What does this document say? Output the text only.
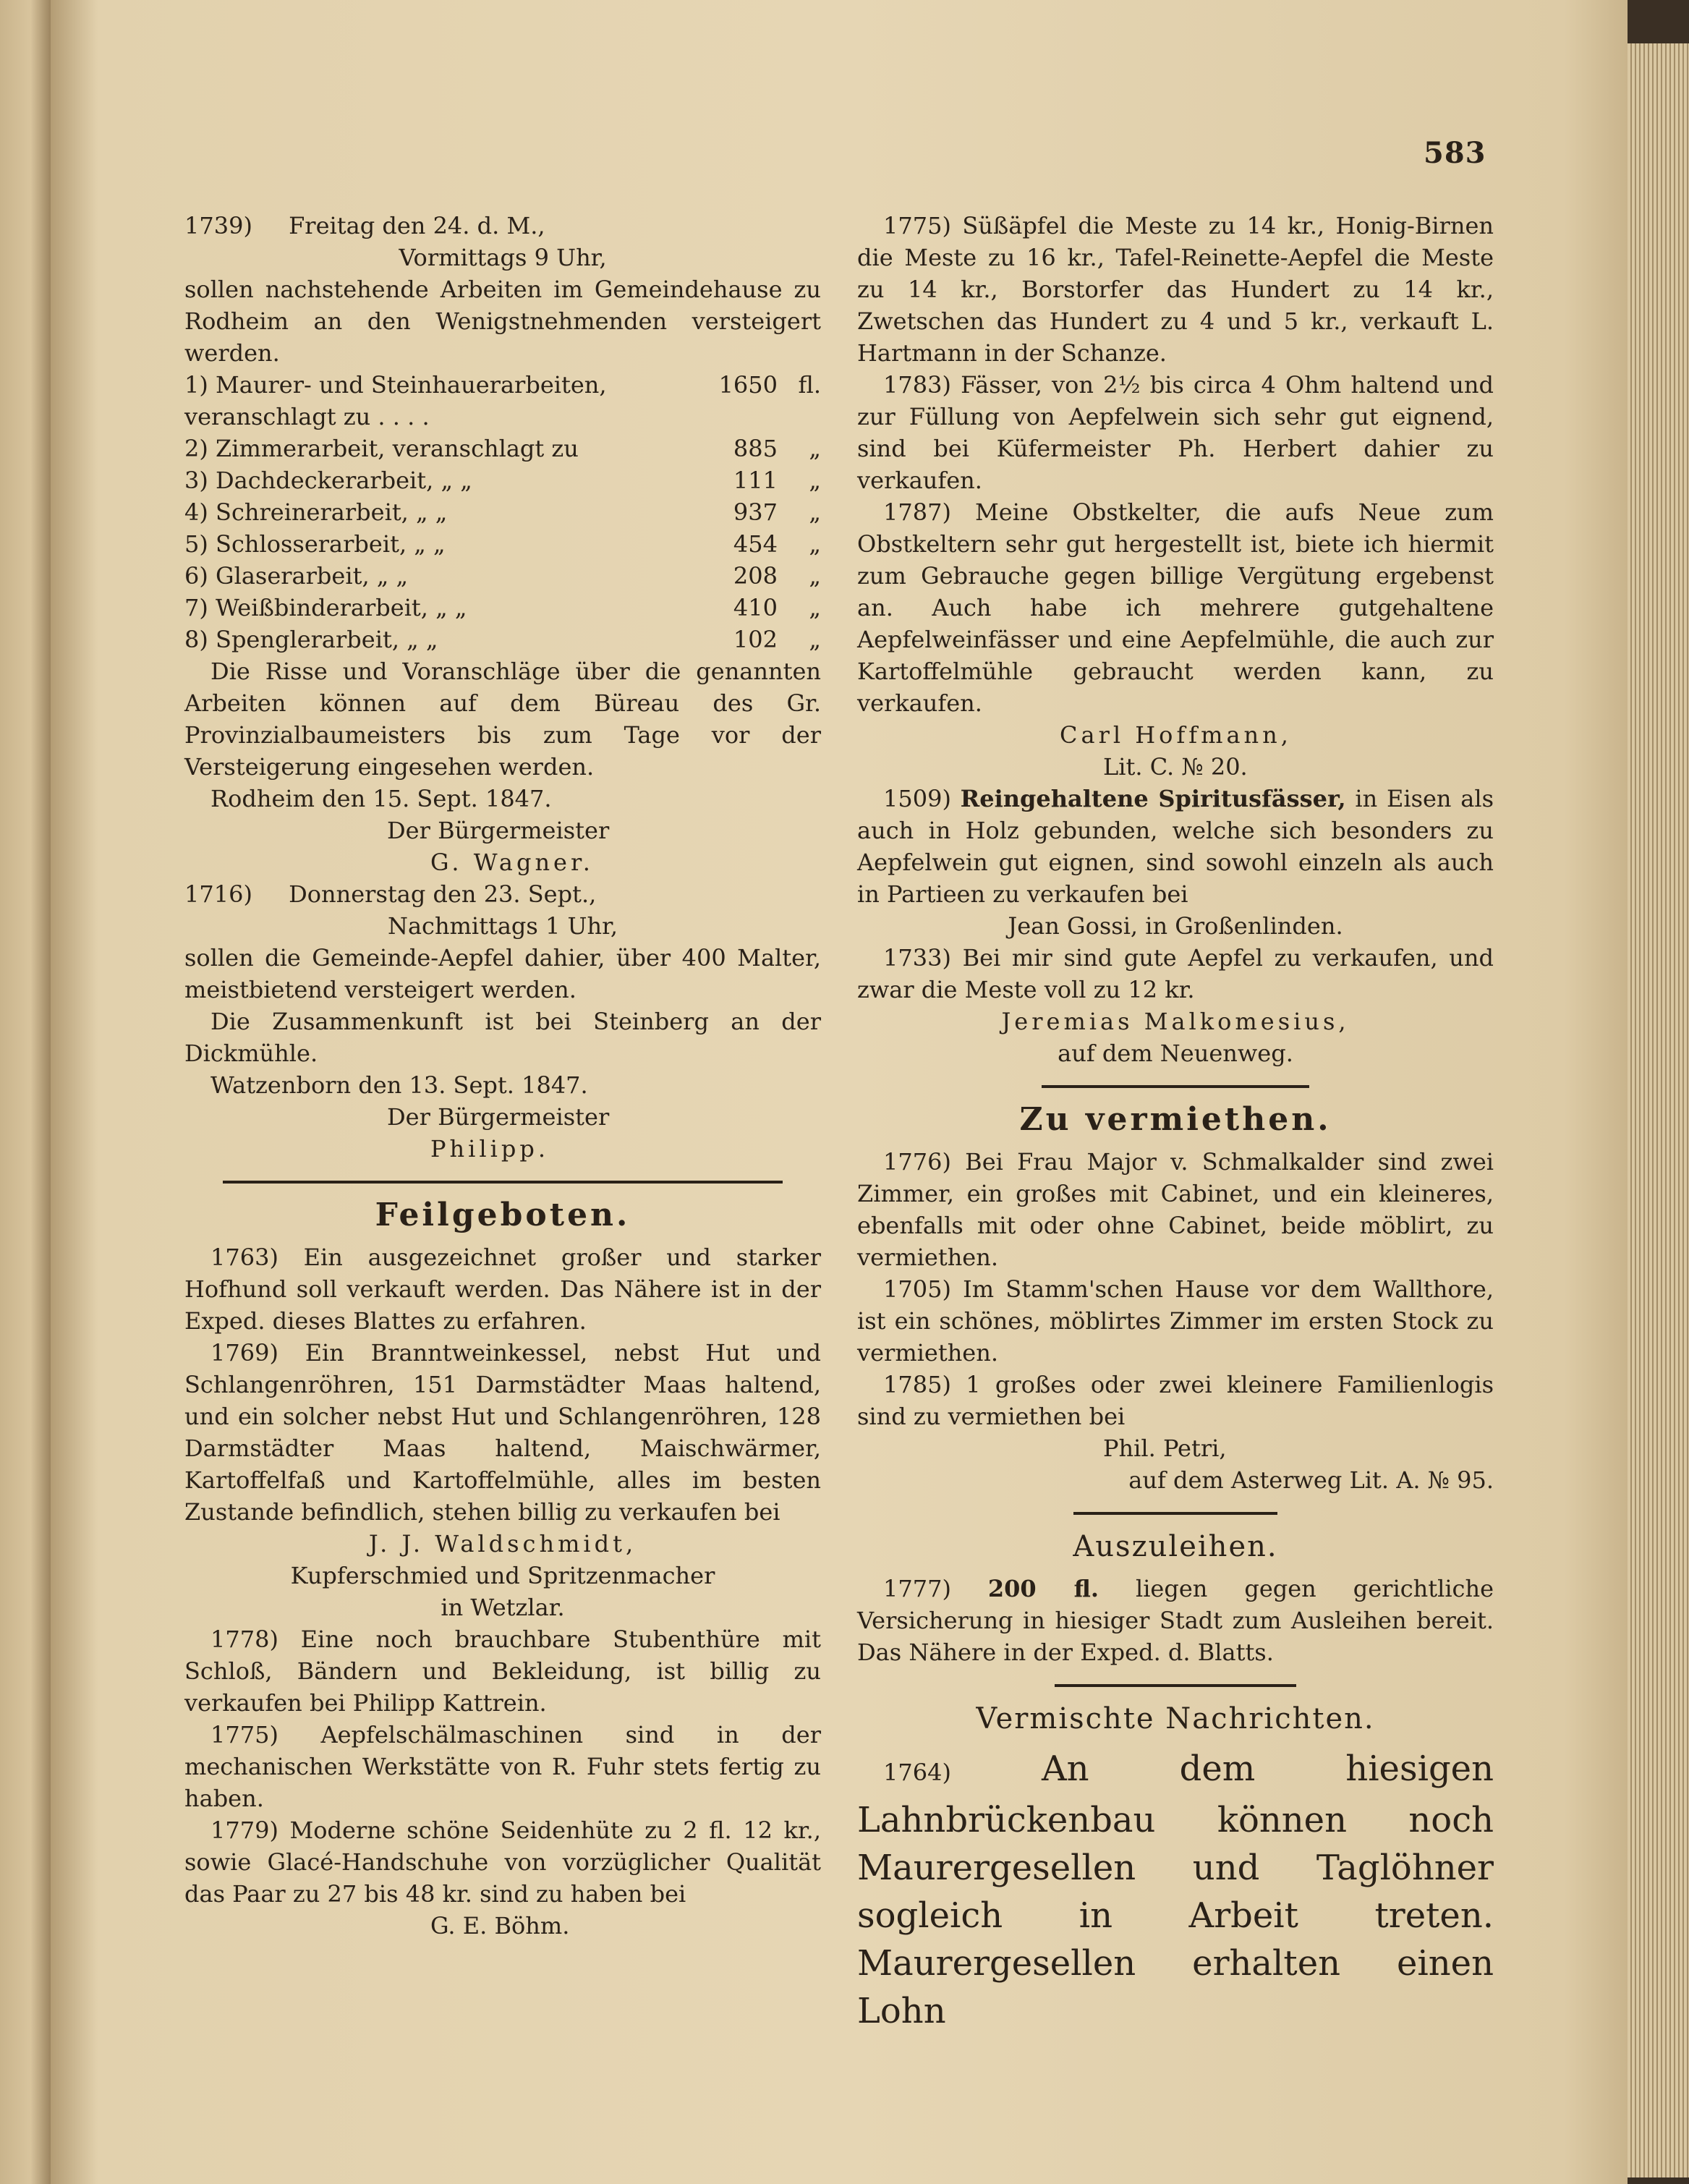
583

1739) Freitag den 24. d. M.,

Vormittags 9 Uhr,

sollen nachstehende Arbeiten im Gemeindehause zu Rodheim an den Wenigstnehmenden versteigert werden.

1) Maurer- und Steinhauerarbeiten, veranschlagt zu . . . .	1650	fl.
2) Zimmerarbeit, veranschlagt zu	885	„
3) Dachdeckerarbeit, „ „	111	„
4) Schreinerarbeit, „ „	937	„
5) Schlosserarbeit, „ „	454	„
6) Glaserarbeit, „ „	208	„
7) Weißbinderarbeit, „ „	410	„
8) Spenglerarbeit, „ „	102	„

Die Risse und Voranschläge über die genannten Arbeiten können auf dem Büreau des Gr. Provinzialbaumeisters bis zum Tage vor der Versteigerung eingesehen werden.

Rodheim den 15. Sept. 1847.

Der Bürgermeister

G. Wagner.

1716) Donnerstag den 23. Sept.,

Nachmittags 1 Uhr,

sollen die Gemeinde-Aepfel dahier, über 400 Malter, meistbietend versteigert werden.

Die Zusammenkunft ist bei Steinberg an der Dickmühle.

Watzenborn den 13. Sept. 1847.

Der Bürgermeister

Philipp.

Feilgeboten.

1763) Ein ausgezeichnet großer und starker Hofhund soll verkauft werden. Das Nähere ist in der Exped. dieses Blattes zu erfahren.

1769) Ein Branntweinkessel, nebst Hut und Schlangenröhren, 151 Darmstädter Maas haltend, und ein solcher nebst Hut und Schlangenröhren, 128 Darmstädter Maas haltend, Maischwärmer, Kartoffelfaß und Kartoffelmühle, alles im besten Zustande befindlich, stehen billig zu verkaufen bei

J. J. Waldschmidt,

Kupferschmied und Spritzenmacher

in Wetzlar.

1778) Eine noch brauchbare Stubenthüre mit Schloß, Bändern und Bekleidung, ist billig zu verkaufen bei Philipp Kattrein.

1775) Aepfelschälmaschinen sind in der mechanischen Werkstätte von R. Fuhr stets fertig zu haben.

1779) Moderne schöne Seidenhüte zu 2 fl. 12 kr., sowie Glacé-Handschuhe von vorzüglicher Qualität das Paar zu 27 bis 48 kr. sind zu haben bei

G. E. Böhm.

1775) Süßäpfel die Meste zu 14 kr., Honig-Birnen die Meste zu 16 kr., Tafel-Reinette-Aepfel die Meste zu 14 kr., Borstorfer das Hundert zu 14 kr., Zwetschen das Hundert zu 4 und 5 kr., verkauft L. Hartmann in der Schanze.

1783) Fässer, von 2½ bis circa 4 Ohm haltend und zur Füllung von Aepfelwein sich sehr gut eignend, sind bei Küfermeister Ph. Herbert dahier zu verkaufen.

1787) Meine Obstkelter, die aufs Neue zum Obstkeltern sehr gut hergestellt ist, biete ich hiermit zum Gebrauche gegen billige Vergütung ergebenst an. Auch habe ich mehrere gutgehaltene Aepfelweinfässer und eine Aepfelmühle, die auch zur Kartoffelmühle gebraucht werden kann, zu verkaufen.

Carl Hoffmann,

Lit. C. № 20.

1509) Reingehaltene Spiritusfässer, in Eisen als auch in Holz gebunden, welche sich besonders zu Aepfelwein gut eignen, sind sowohl einzeln als auch in Partieen zu verkaufen bei

Jean Gossi, in Großenlinden.

1733) Bei mir sind gute Aepfel zu verkaufen, und zwar die Meste voll zu 12 kr.

Jeremias Malkomesius,

auf dem Neuenweg.

Zu vermiethen.

1776) Bei Frau Major v. Schmalkalder sind zwei Zimmer, ein großes mit Cabinet, und ein kleineres, ebenfalls mit oder ohne Cabinet, beide möblirt, zu vermiethen.

1705) Im Stamm'schen Hause vor dem Wallthore, ist ein schönes, möblirtes Zimmer im ersten Stock zu vermiethen.

1785) 1 großes oder zwei kleinere Familienlogis sind zu vermiethen bei

Phil. Petri,

auf dem Asterweg Lit. A. № 95.

Auszuleihen.

1777) 200 fl. liegen gegen gerichtliche Versicherung in hiesiger Stadt zum Ausleihen bereit. Das Nähere in der Exped. d. Blatts.

Vermischte Nachrichten.

1764)	An dem hiesigen Lahnbrückenbau können noch Maurergesellen und Taglöhner sogleich in Arbeit treten. Maurergesellen erhalten einen Lohn
